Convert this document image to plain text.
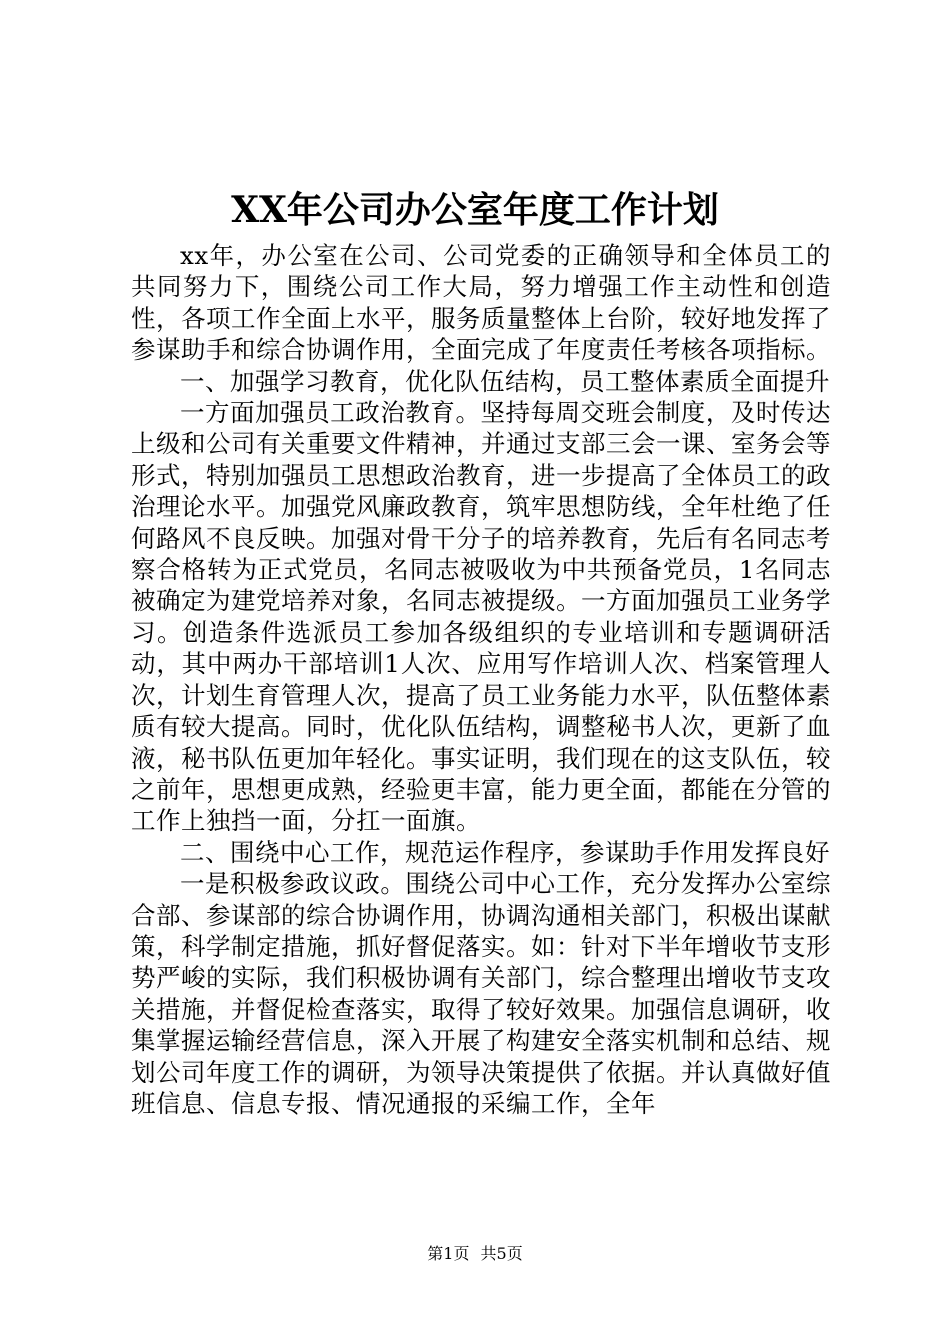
XX年公司办公室年度工作计划

xx年，办公室在公司、公司党委的正确领导和全体员工的共同努力下，围绕公司工作大局，努力增强工作主动性和创造性，各项工作全面上水平，服务质量整体上台阶，较好地发挥了参谋助手和综合协调作用，全面完成了年度责任考核各项指标。

一、加强学习教育，优化队伍结构，员工整体素质全面提升

一方面加强员工政治教育。坚持每周交班会制度，及时传达上级和公司有关重要文件精神，并通过支部三会一课、室务会等形式，特别加强员工思想政治教育，进一步提高了全体员工的政治理论水平。加强党风廉政教育，筑牢思想防线，全年杜绝了任何路风不良反映。加强对骨干分子的培养教育，先后有名同志考察合格转为正式党员，名同志被吸收为中共预备党员，1名同志被确定为建党培养对象，名同志被提级。一方面加强员工业务学习。创造条件选派员工参加各级组织的专业培训和专题调研活动，其中两办干部培训1人次、应用写作培训人次、档案管理人次，计划生育管理人次，提高了员工业务能力水平，队伍整体素质有较大提高。同时，优化队伍结构，调整秘书人次，更新了血液，秘书队伍更加年轻化。事实证明，我们现在的这支队伍，较之前年，思想更成熟，经验更丰富，能力更全面，都能在分管的工作上独挡一面，分扛一面旗。

二、围绕中心工作，规范运作程序，参谋助手作用发挥良好

一是积极参政议政。围绕公司中心工作，充分发挥办公室综合部、参谋部的综合协调作用，协调沟通相关部门，积极出谋献策，科学制定措施，抓好督促落实。如：针对下半年增收节支形势严峻的实际，我们积极协调有关部门，综合整理出增收节支攻关措施，并督促检查落实，取得了较好效果。加强信息调研，收集掌握运输经营信息，深入开展了构建安全落实机制和总结、规划公司年度工作的调研，为领导决策提供了依据。并认真做好值班信息、信息专报、情况通报的采编工作，全年

第1页 共5页
